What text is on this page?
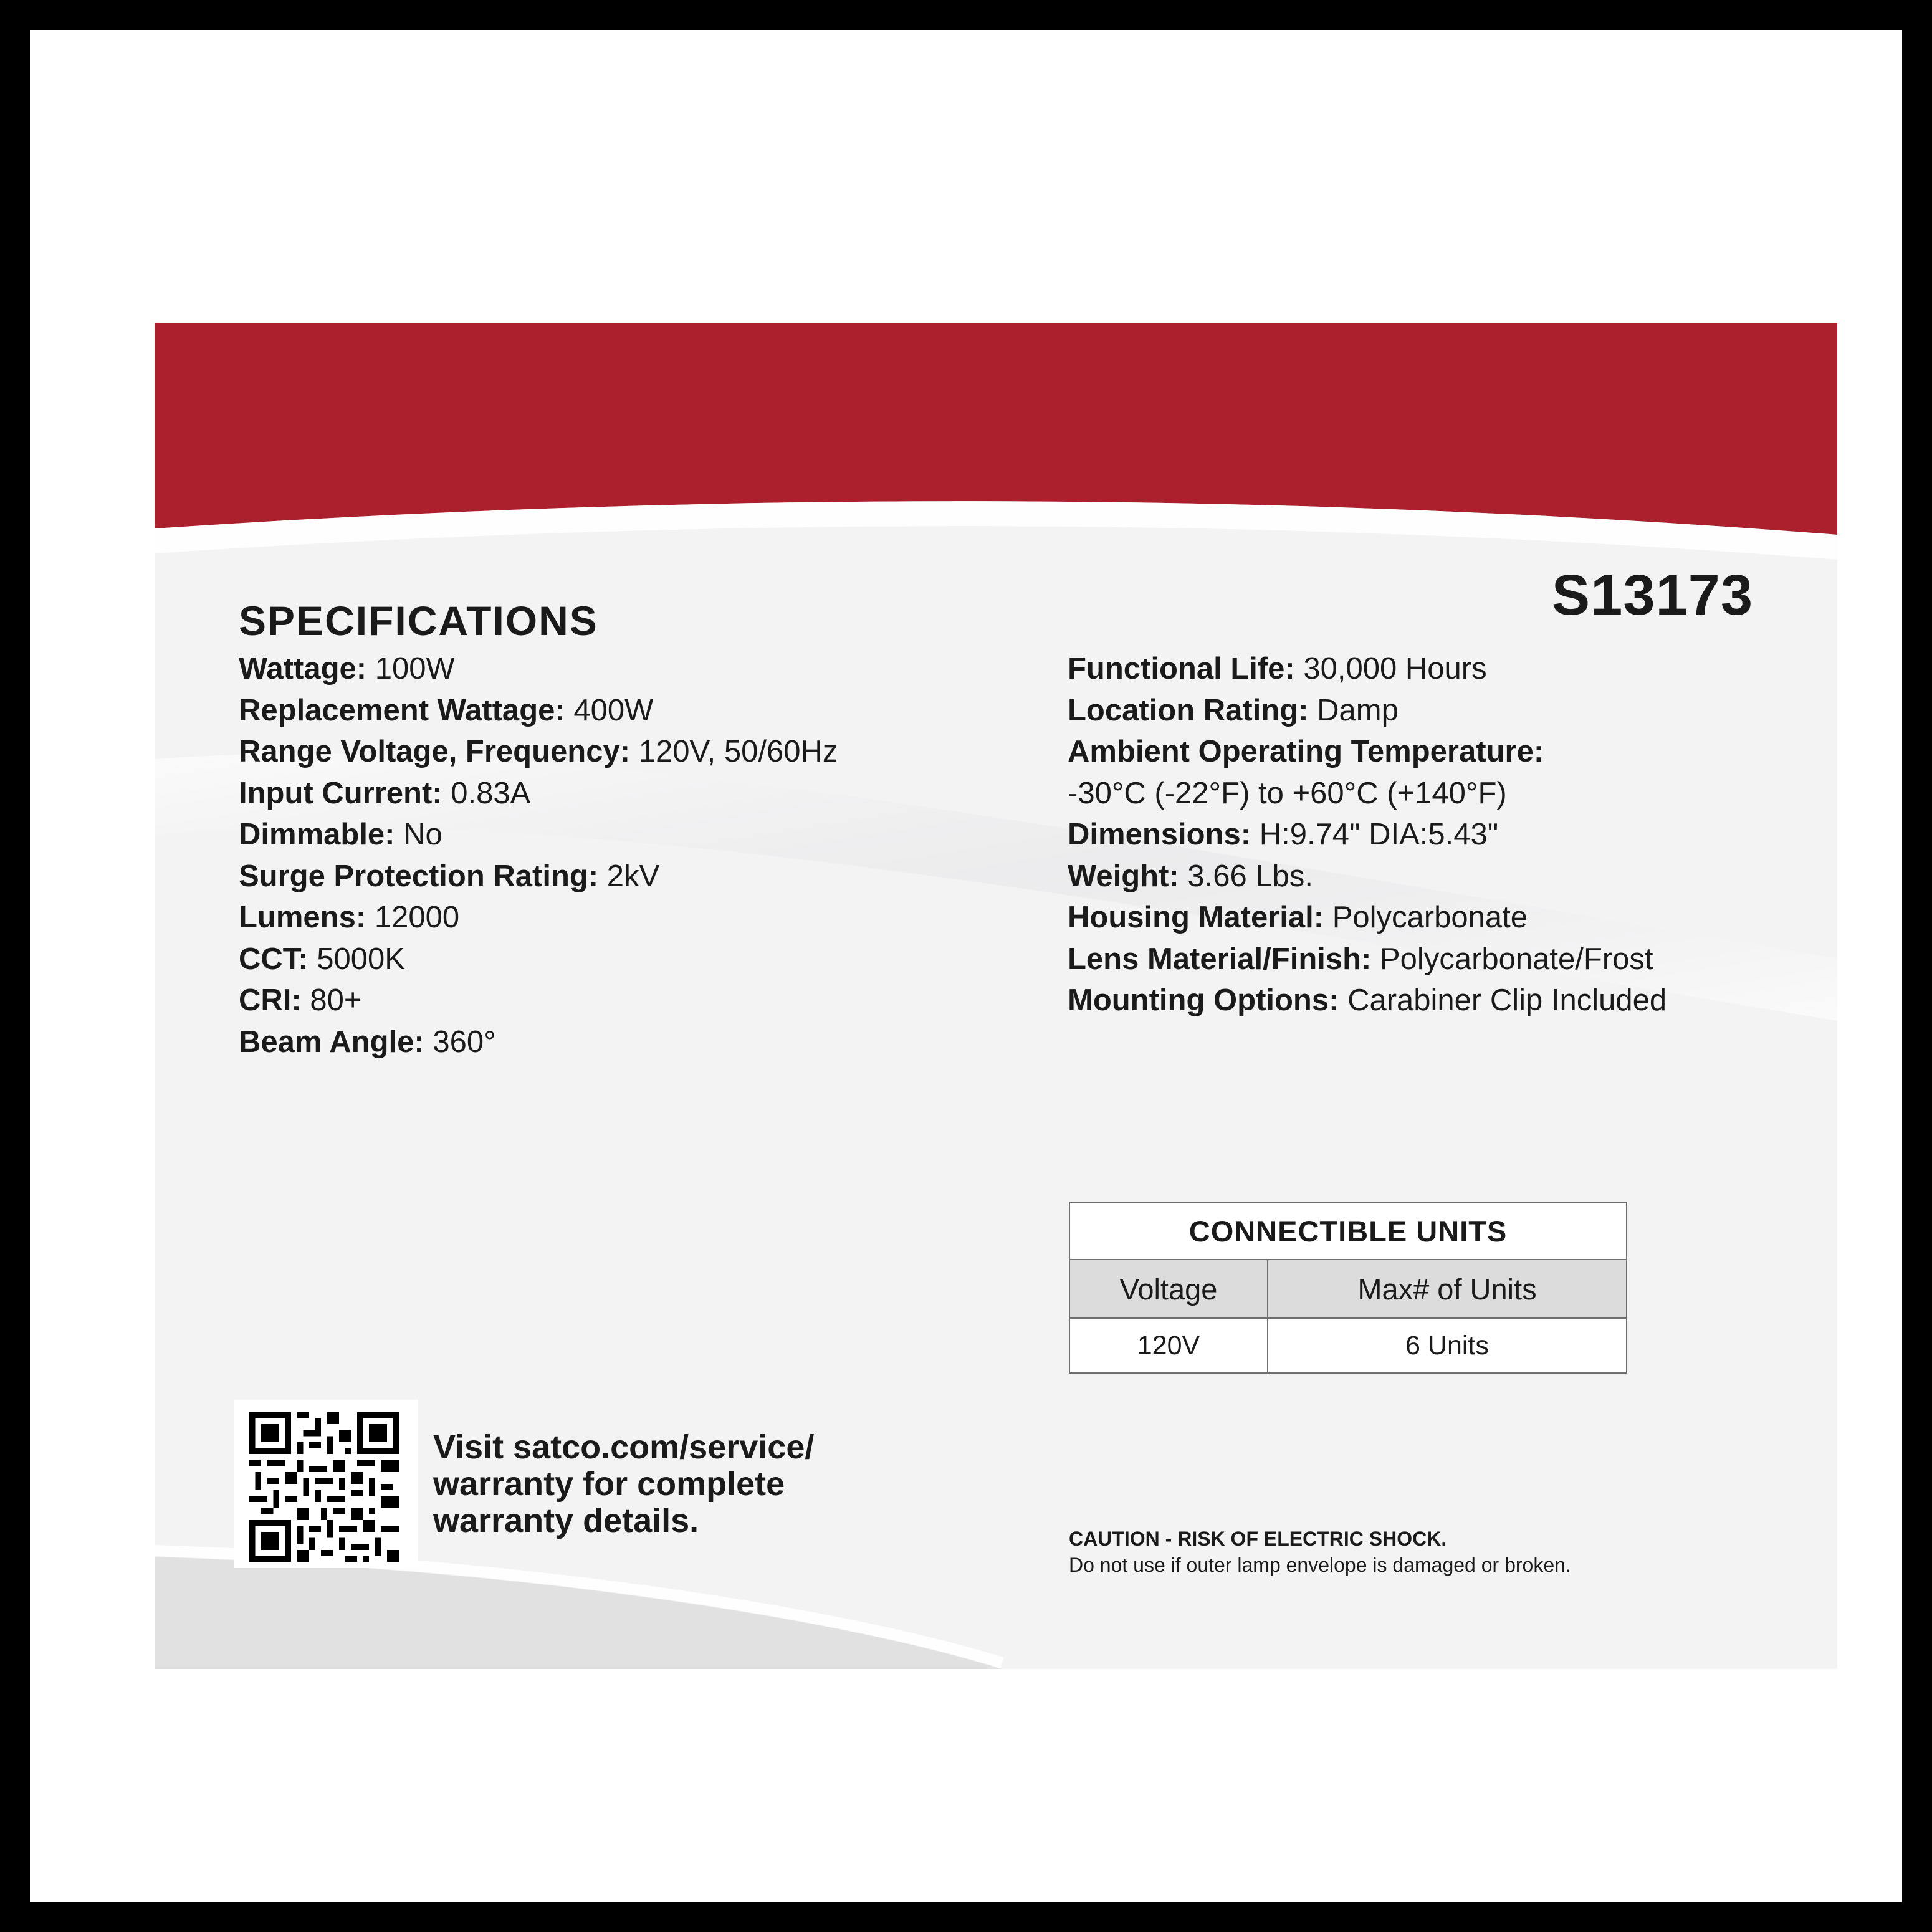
S13173
SPECIFICATIONS
Wattage: 100W
Replacement Wattage: 400W
Range Voltage, Frequency: 120V, 50/60Hz
Input Current: 0.83A
Dimmable: No
Surge Protection Rating: 2kV
Lumens: 12000
CCT: 5000K
CRI: 80+
Beam Angle: 360°
Functional Life: 30,000 Hours
Location Rating: Damp
Ambient Operating Temperature:
-30°C (-22°F) to +60°C (+140°F)
Dimensions: H:9.74" DIA:5.43"
Weight: 3.66 Lbs.
Housing Material: Polycarbonate
Lens Material/Finish: Polycarbonate/Frost
Mounting Options: Carabiner Clip Included
CONNECTIBLE UNITS	
Voltage	Max# of Units
120V	6 Units
Visit satco.com/service/
warranty for complete
warranty details.	CAUTION - RISK OF ELECTRIC SHOCK.
Do not use if outer lamp envelope is damaged or broken.
